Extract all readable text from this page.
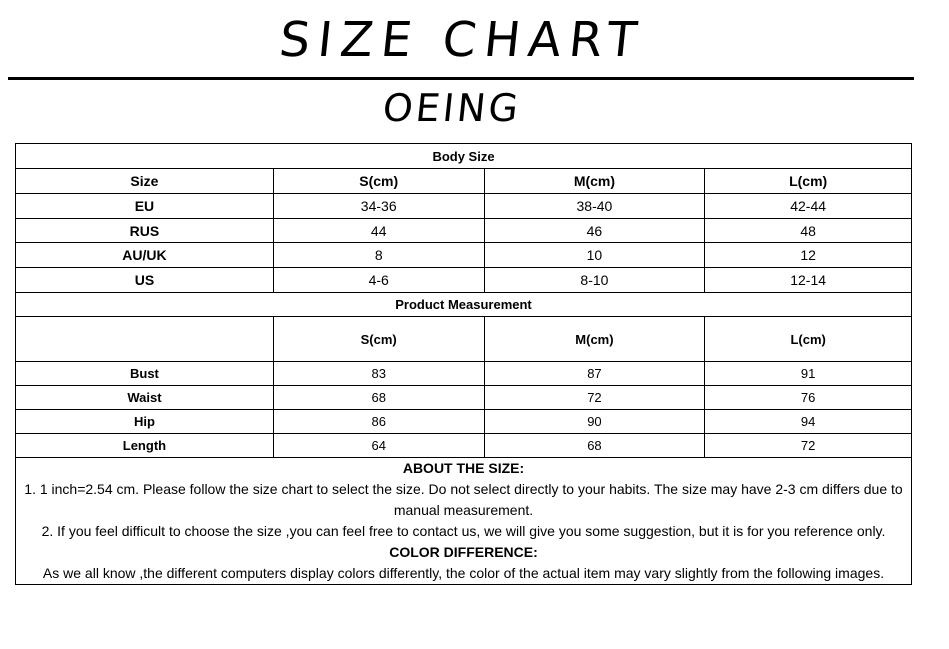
SIZE CHART
OEING
Body Size			
Size	S(cm)	M(cm)	L(cm)
EU	34-36	38-40	42-44
RUS	44	46	48
AU/UK	8	10	12
US	4-6	8-10	12-14
Product Measurement			
	S(cm)	M(cm)	L(cm)
Bust	83	87	91
Waist	68	72	76
Hip	86	90	94
Length	64	68	72

ABOUT THE SIZE:
1. 1 inch=2.54 cm. Please follow the size chart to select the size. Do not select directly to your habits. The size may have 2-3 cm differs due to manual measurement.
2. If you feel difficult to choose the size ,you can feel free to contact us, we will give you some suggestion, but it is for you reference only.
COLOR DIFFERENCE:
As we all know ,the different computers display colors differently, the color of the actual item may vary slightly from the following images.			
